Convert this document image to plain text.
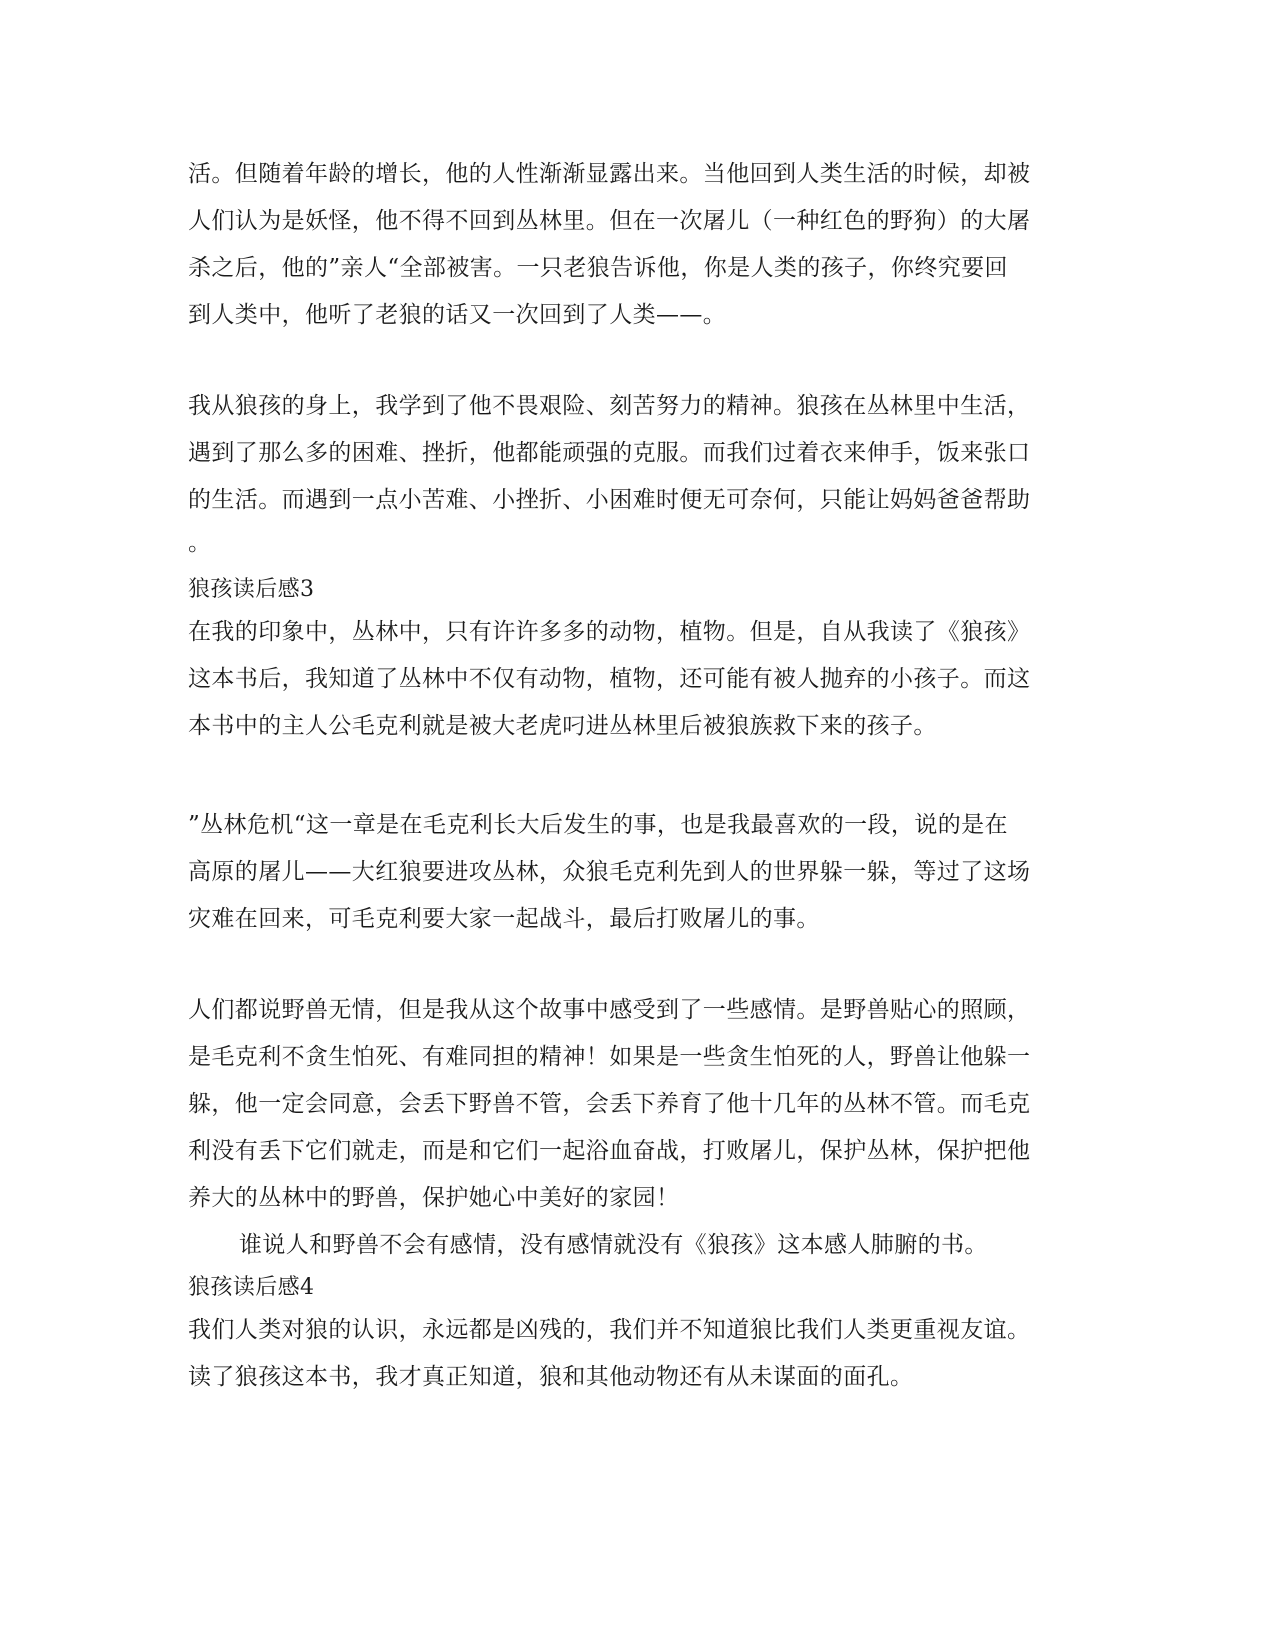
活。但随着年龄的增长，他的人性渐渐显露出来。当他回到人类生活的时候，却被
人们认为是妖怪，他不得不回到丛林里。但在一次屠儿（一种红色的野狗）的大屠
杀之后，他的”亲人“全部被害。一只老狼告诉他，你是人类的孩子，你终究要回
到人类中，他听了老狼的话又一次回到了人类——。
我从狼孩的身上，我学到了他不畏艰险、刻苦努力的精神。狼孩在丛林里中生活，
遇到了那么多的困难、挫折，他都能顽强的克服。而我们过着衣来伸手，饭来张口
的生活。而遇到一点小苦难、小挫折、小困难时便无可奈何，只能让妈妈爸爸帮助
。
狼孩读后感3
在我的印象中，丛林中，只有许许多多的动物，植物。但是，自从我读了《狼孩》
这本书后，我知道了丛林中不仅有动物，植物，还可能有被人抛弃的小孩子。而这
本书中的主人公毛克利就是被大老虎叼进丛林里后被狼族救下来的孩子。
”丛林危机“这一章是在毛克利长大后发生的事，也是我最喜欢的一段，说的是在
高原的屠儿——大红狼要进攻丛林，众狼毛克利先到人的世界躲一躲，等过了这场
灾难在回来，可毛克利要大家一起战斗，最后打败屠儿的事。
人们都说野兽无情，但是我从这个故事中感受到了一些感情。是野兽贴心的照顾，
是毛克利不贪生怕死、有难同担的精神！如果是一些贪生怕死的人，野兽让他躲一
躲，他一定会同意，会丢下野兽不管，会丢下养育了他十几年的丛林不管。而毛克
利没有丢下它们就走，而是和它们一起浴血奋战，打败屠儿，保护丛林，保护把他
养大的丛林中的野兽，保护她心中美好的家园！
谁说人和野兽不会有感情，没有感情就没有《狼孩》这本感人肺腑的书。
狼孩读后感4
我们人类对狼的认识，永远都是凶残的，我们并不知道狼比我们人类更重视友谊。
读了狼孩这本书，我才真正知道，狼和其他动物还有从未谋面的面孔。
